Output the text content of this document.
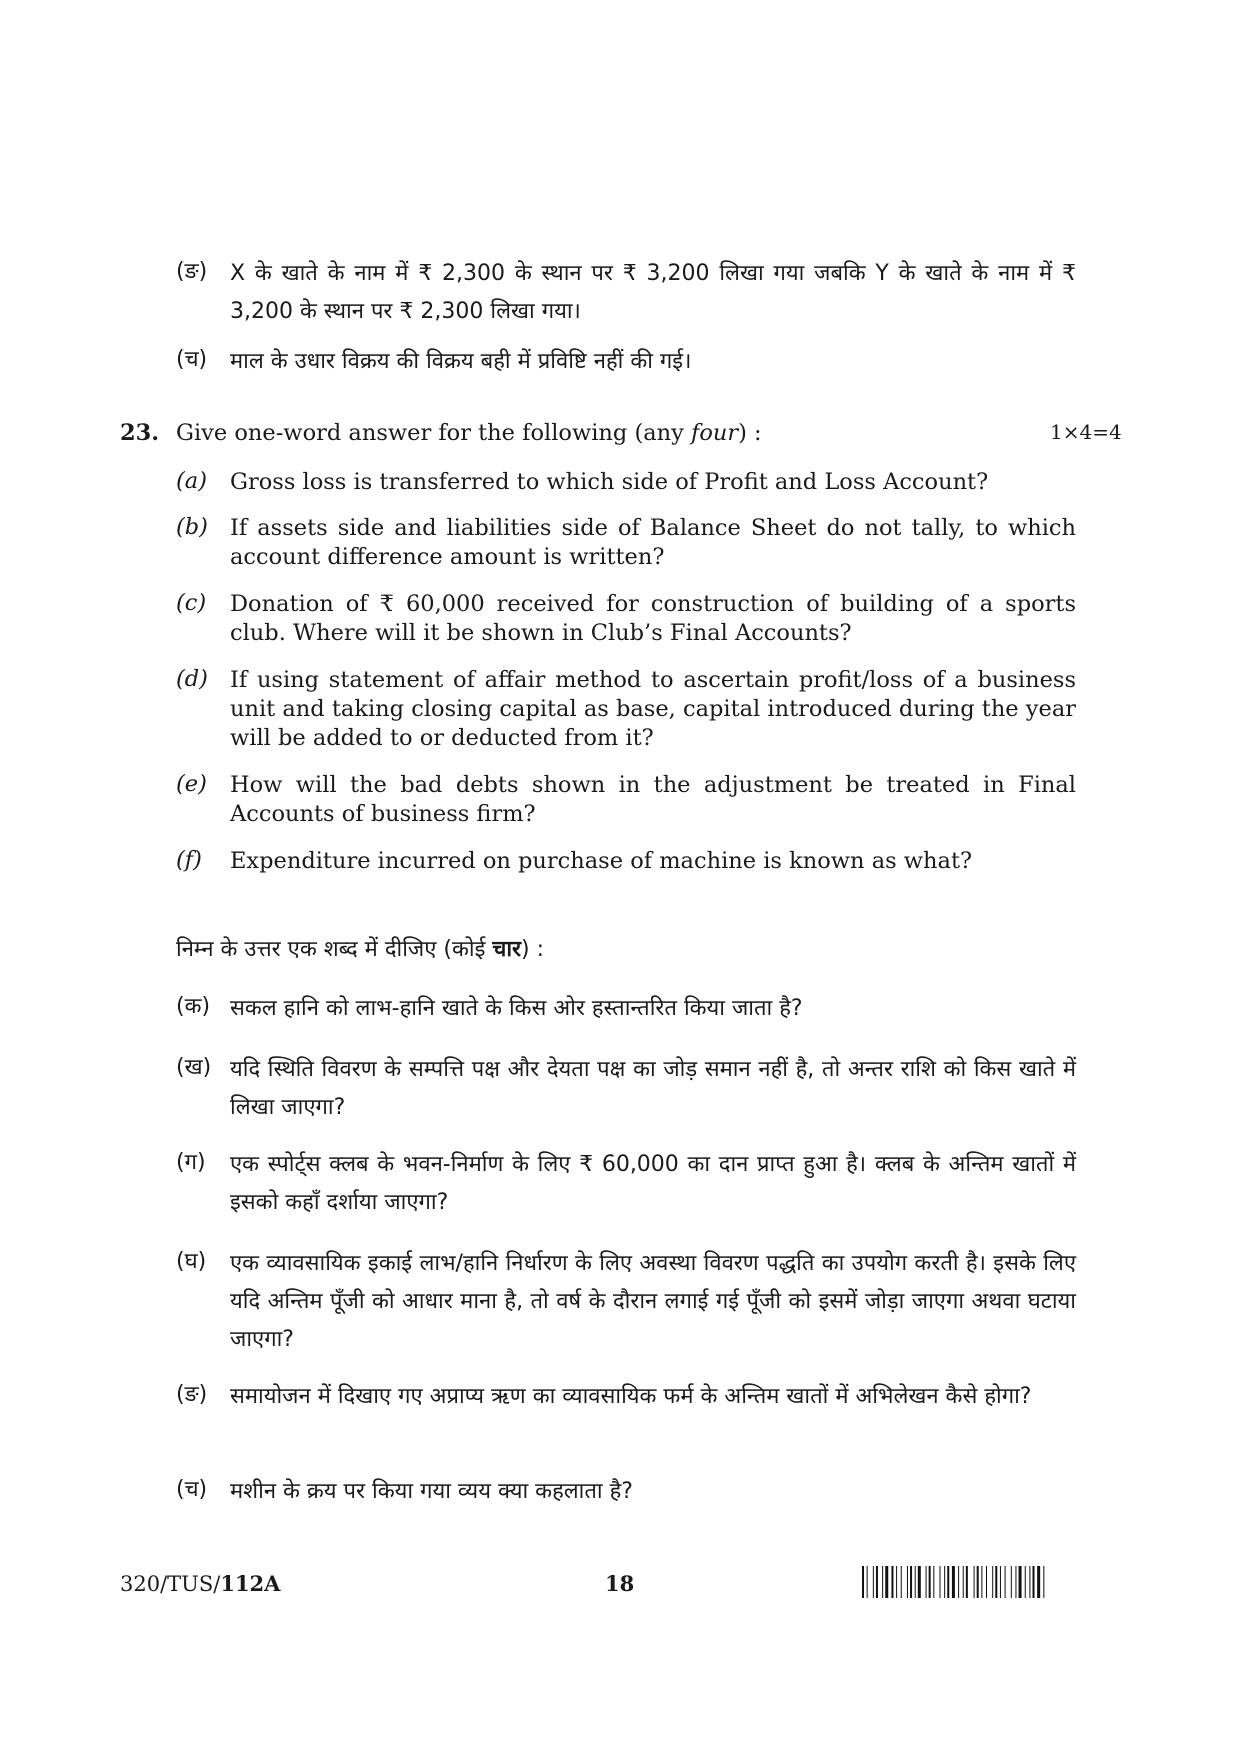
(ङ) X के खाते के नाम में ₹ 2,300 के स्थान पर ₹ 3,200 लिखा गया जबकि Y के खाते के नाम में ₹ 3,200 के स्थान पर ₹ 2,300 लिखा गया।
(च) माल के उधार विक्रय की विक्रय बही में प्रविष्टि नहीं की गई।
23. Give one-word answer for the following (any four) :	1×4=4
(a) Gross loss is transferred to which side of Profit and Loss Account?
(b) If assets side and liabilities side of Balance Sheet do not tally, to which account difference amount is written?
(c) Donation of ₹ 60,000 received for construction of building of a sports club. Where will it be shown in Club’s Final Accounts?
(d) If using statement of affair method to ascertain profit/loss of a business unit and taking closing capital as base, capital introduced during the year will be added to or deducted from it?
(e) How will the bad debts shown in the adjustment be treated in Final Accounts of business firm?
(f) Expenditure incurred on purchase of machine is known as what?
निम्न के उत्तर एक शब्द में दीजिए (कोई चार) :
(क) सकल हानि को लाभ-हानि खाते के किस ओर हस्तान्तरित किया जाता है?
(ख) यदि स्थिति विवरण के सम्पत्ति पक्ष और देयता पक्ष का जोड़ समान नहीं है, तो अन्तर राशि को किस खाते में लिखा जाएगा?
(ग) एक स्पोर्ट्स क्लब के भवन-निर्माण के लिए ₹ 60,000 का दान प्राप्त हुआ है। क्लब के अन्तिम खातों में इसको कहाँ दर्शाया जाएगा?
(घ) एक व्यावसायिक इकाई लाभ/हानि निर्धारण के लिए अवस्था विवरण पद्धति का उपयोग करती है। इसके लिए यदि अन्तिम पूँजी को आधार माना है, तो वर्ष के दौरान लगाई गई पूँजी को इसमें जोड़ा जाएगा अथवा घटाया जाएगा?
(ङ) समायोजन में दिखाए गए अप्राप्य ऋण का व्यावसायिक फर्म के अन्तिम खातों में अभिलेखन कैसे होगा?
(च) मशीन के क्रय पर किया गया व्यय क्या कहलाता है?
320/TUS/112A	18
